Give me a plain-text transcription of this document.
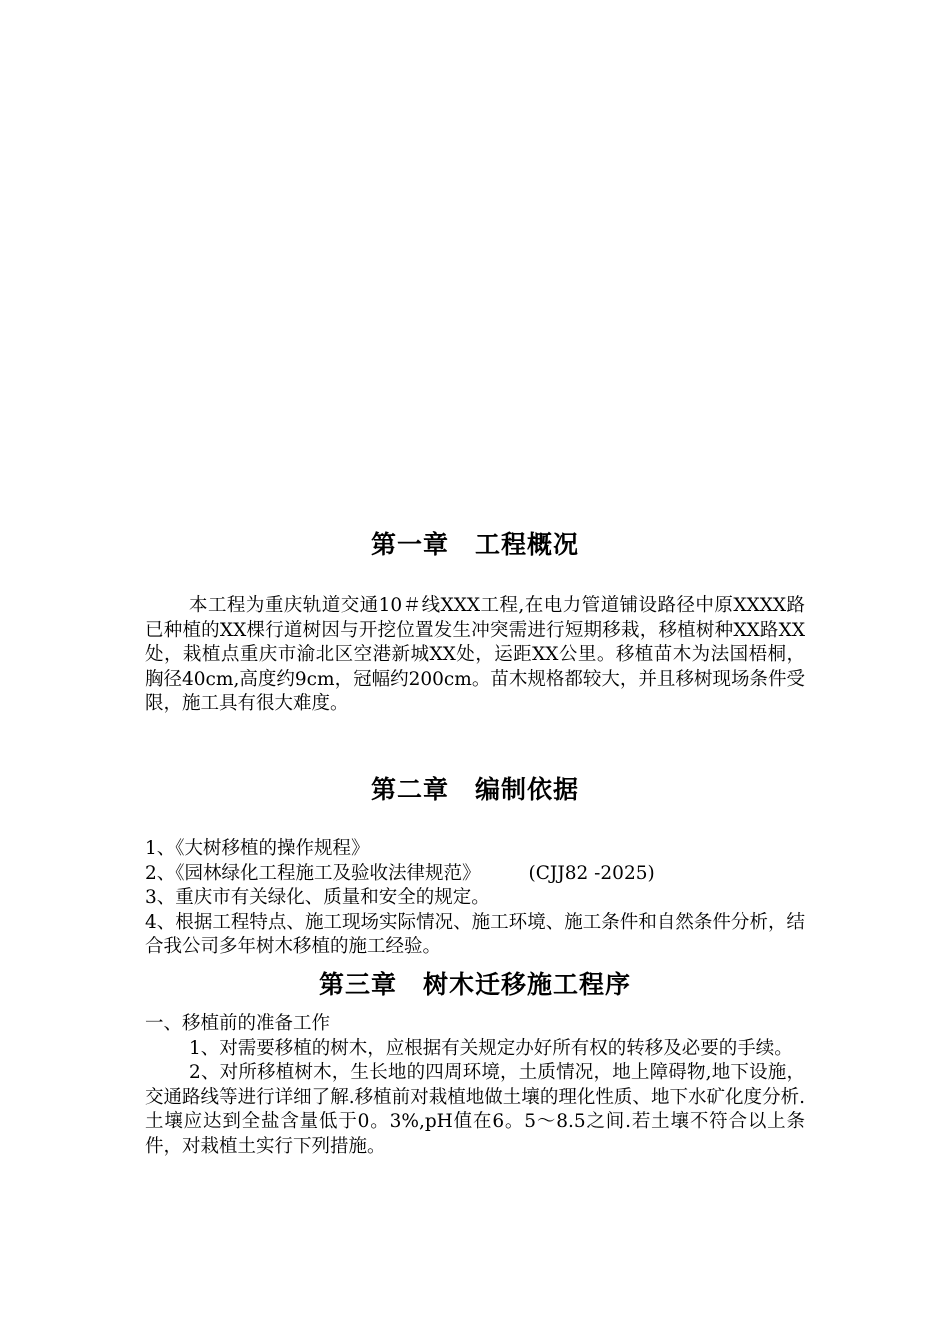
第一章　工程概况

本工程为重庆轨道交通10＃线XXX工程,在电力管道铺设路径中原XXXX路已种植的XX棵行道树因与开挖位置发生冲突需进行短期移栽，移植树种XX路XX处，栽植点重庆市渝北区空港新城XX处，运距XX公里。移植苗木为法国梧桐，胸径40cm,高度约9cm，冠幅约200cm。苗木规格都较大，并且移树现场条件受限，施工具有很大难度。

第二章　编制依据
1、《大树移植的操作规程》
2、《园林绿化工程施工及验收法律规范》	(CJJ82 -2025)
3、重庆市有关绿化、质量和安全的规定。
4、根据工程特点、施工现场实际情况、施工环境、施工条件和自然条件分析，结合我公司多年树木移植的施工经验。
第三章　树木迁移施工程序
一、移植前的准备工作
1、对需要移植的树木，应根据有关规定办好所有权的转移及必要的手续。
2、对所移植树木，生长地的四周环境，土质情况，地上障碍物,地下设施，交通路线等进行详细了解.移植前对栽植地做土壤的理化性质、地下水矿化度分析.土壤应达到全盐含量低于0。3%,pH值在6。5～8.5之间.若土壤不符合以上条件，对栽植土实行下列措施。
